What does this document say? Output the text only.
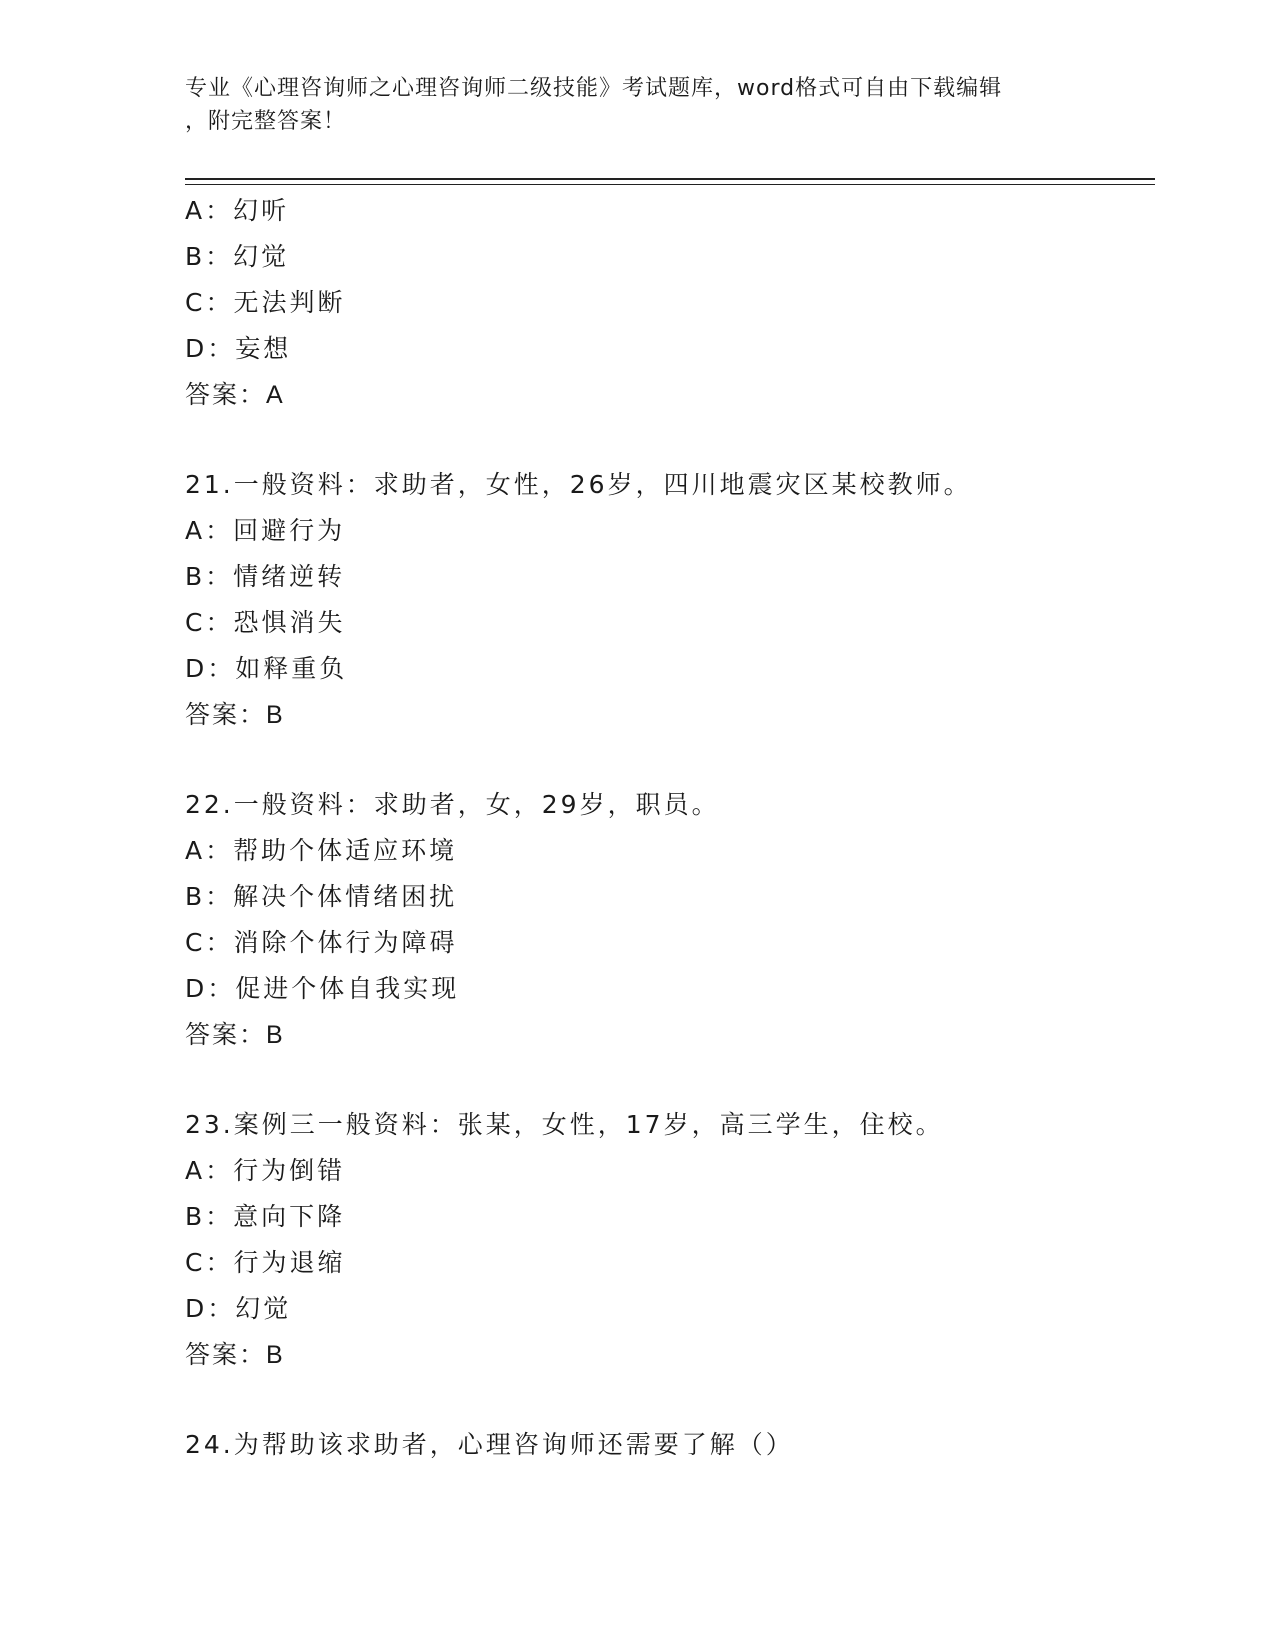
专业《心理咨询师之心理咨询师二级技能》考试题库，word格式可自由下载编辑
，附完整答案！
A：幻听
B：幻觉
C：无法判断
D：妄想
答案：A
21.一般资料：求助者，女性，26岁，四川地震灾区某校教师。
A：回避行为
B：情绪逆转
C：恐惧消失
D：如释重负
答案：B
22.一般资料：求助者，女，29岁，职员。
A：帮助个体适应环境
B：解决个体情绪困扰
C：消除个体行为障碍
D：促进个体自我实现
答案：B
23.案例三一般资料：张某，女性，17岁，高三学生，住校。
A：行为倒错
B：意向下降
C：行为退缩
D：幻觉
答案：B
24.为帮助该求助者，心理咨询师还需要了解（）
